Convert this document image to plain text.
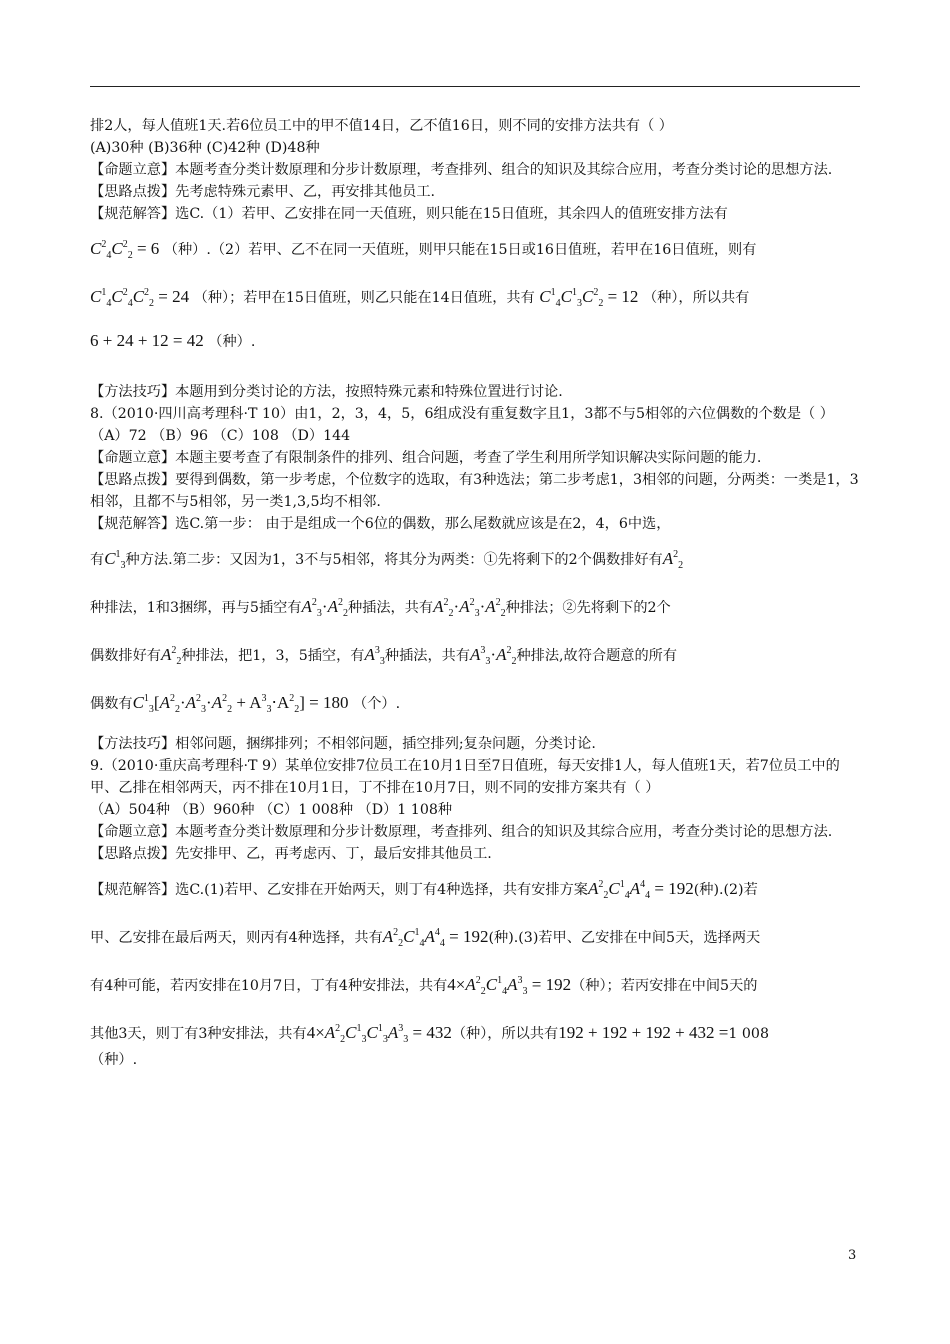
排2人，每人值班1天.若6位员工中的甲不值14日，乙不值16日，则不同的安排方法共有（ ）

(A)30种 (B)36种 (C)42种 (D)48种

【命题立意】本题考查分类计数原理和分步计数原理，考查排列、组合的知识及其综合应用，考查分类讨论的思想方法.

【思路点拨】先考虑特殊元素甲、乙，再安排其他员工.

【规范解答】选C.（1）若甲、乙安排在同一天值班，则只能在15日值班，其余四人的值班安排方法有

$C^2_4C^2_2 = 6$ （种）.（2）若甲、乙不在同一天值班，则甲只能在15日或16日值班，若甲在16日值班，则有

$C^1_4C^2_4C^2_2 = 24$ （种）；若甲在15日值班，则乙只能在14日值班，共有 $C^1_4C^1_3C^2_2 = 12$ （种），所以共有

6 + 24 + 12 = 42 （种）.

【方法技巧】本题用到分类讨论的方法，按照特殊元素和特殊位置进行讨论.

8.（2010·四川高考理科·T 10）由1，2，3，4，5，6组成没有重复数字且1，3都不与5相邻的六位偶数的个数是（ ）

（A）72 （B）96 （C）108 （D）144

【命题立意】本题主要考查了有限制条件的排列、组合问题，考查了学生利用所学知识解决实际问题的能力.

【思路点拨】要得到偶数，第一步考虑，个位数字的选取，有3种选法；第二步考虑1，3相邻的问题，分两类：一类是1，3相邻，且都不与5相邻，另一类1,3,5均不相邻.

【规范解答】选C.第一步： 由于是组成一个6位的偶数，那么尾数就应该是在2，4，6中选，

有$C^1_3$种方法.第二步：又因为1，3不与5相邻，将其分为两类：①先将剩下的2个偶数排好有$A^2_2$

种排法，1和3捆绑，再与5插空有$A^2_3\cdot A^2_2$种插法，共有$A^2_2\cdot A^2_3\cdot A^2_2$种排法；②先将剩下的2个

偶数排好有$A^2_2$种排法，把1，3，5插空，有$A^3_3$种插法，共有$A^3_3\cdot A^2_2$种排法,故符合题意的所有

偶数有$C^1_3[A^2_2\cdot A^2_3\cdot A^2_2 + A^3_3\cdot A^2_2] = 180$ （个）.

【方法技巧】相邻问题，捆绑排列；不相邻问题，插空排列;复杂问题，分类讨论.

9.（2010·重庆高考理科·T 9）某单位安排7位员工在10月1日至7日值班，每天安排1人，每人值班1天，若7位员工中的甲、乙排在相邻两天，丙不排在10月1日，丁不排在10月7日，则不同的安排方案共有（ ）

（A）504种 （B）960种 （C）1 008种 （D）1 108种

【命题立意】本题考查分类计数原理和分步计数原理，考查排列、组合的知识及其综合应用，考查分类讨论的思想方法.

【思路点拨】先安排甲、乙，再考虑丙、丁，最后安排其他员工.

【规范解答】选C.(1)若甲、乙安排在开始两天，则丁有4种选择，共有安排方案$A^2_2C^1_4A^4_4 = 192$(种).(2)若

甲、乙安排在最后两天，则丙有4种选择，共有$A^2_2C^1_4A^4_4 = 192$(种).(3)若甲、乙安排在中间5天，选择两天

有4种可能，若丙安排在10月7日，丁有4种安排法，共有$4\times A^2_2C^1_4A^3_3 = 192$（种）；若丙安排在中间5天的

其他3天，则丁有3种安排法，共有$4\times A^2_2C^1_3C^1_3A^3_3 = 432$（种），所以共有192 + 192 + 192 + 432 =1 008

（种）.

3
